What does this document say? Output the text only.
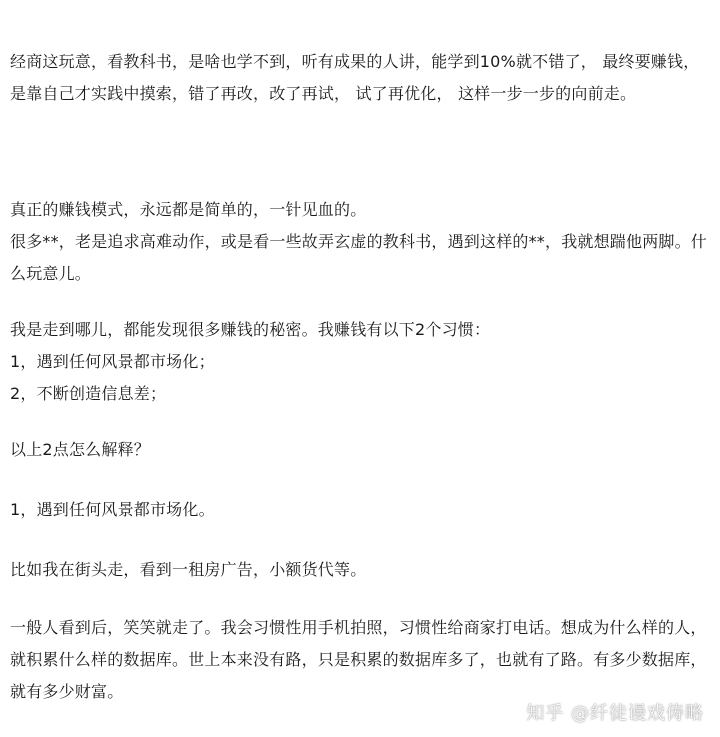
经商这玩意，看教科书，是啥也学不到，听有成果的人讲，能学到10%就不错了， 最终要赚钱，是靠自己才实践中摸索，错了再改，改了再试， 试了再优化， 这样一步一步的向前走。

真正的赚钱模式，永远都是简单的，一针见血的。

很多**，老是追求高难动作，或是看一些故弄玄虚的教科书，遇到这样的**，我就想踹他两脚。什么玩意儿。

我是走到哪儿，都能发现很多赚钱的秘密。我赚钱有以下2个习惯：

1，遇到任何风景都市场化；

2，不断创造信息差；

以上2点怎么解释？

1，遇到任何风景都市场化。

比如我在街头走，看到一租房广告，小额货代等。

一般人看到后，笑笑就走了。我会习惯性用手机拍照，习惯性给商家打电话。想成为什么样的人，就积累什么样的数据库。世上本来没有路，只是积累的数据库多了，也就有了路。有多少数据库，就有多少财富。

知乎 @纤徒谩戏俦略
